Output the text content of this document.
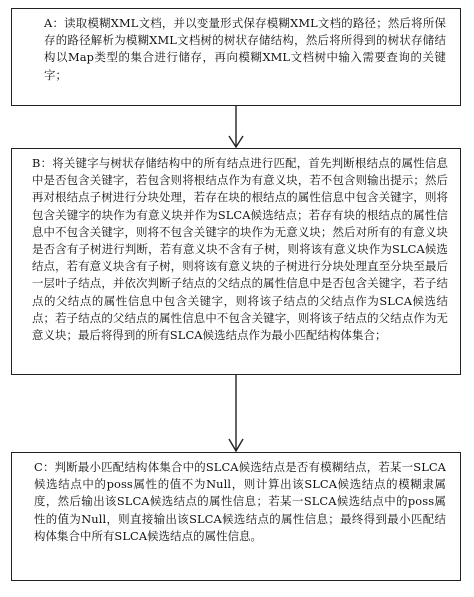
A：读取模糊XML文档，并以变量形式保存模糊XML文档的路径；然后将所保存的路径解析为模糊XML文档树的树状存储结构，然后将所得到的树状存储结构以Map类型的集合进行储存，再向模糊XML文档树中输入需要查询的关键字；

B：将关键字与树状存储结构中的所有结点进行匹配，首先判断根结点的属性信息中是否包含关键字，若包含则将根结点作为有意义块，若不包含则输出提示；然后再对根结点子树进行分块处理，若存在块的根结点的属性信息中包含关键字，则将包含关键字的块作为有意义块并作为SLCA候选结点；若存有块的根结点的属性信息中不包含关键字，则将不包含关键字的块作为无意义块；然后对所有的有意义块是否含有子树进行判断，若有意义块不含有子树，则将该有意义块作为SLCA候选结点，若有意义块含有子树，则将该有意义块的子树进行分块处理直至分块至最后一层叶子结点，并依次判断子结点的父结点的属性信息中是否包含关键字，若子结点的父结点的属性信息中包含关键字，则将该子结点的父结点作为SLCA候选结点；若子结点的父结点的属性信息中不包含关键字，则将该子结点的父结点作为无意义块；最后将得到的所有SLCA候选结点作为最小匹配结构体集合；

C：判断最小匹配结构体集合中的SLCA候选结点是否有模糊结点，若某一SLCA候选结点中的poss属性的值不为Null，则计算出该SLCA候选结点的模糊隶属度，然后输出该SLCA候选结点的属性信息；若某一SLCA候选结点中的poss属性的值为Null，则直接输出该SLCA候选结点的属性信息；最终得到最小匹配结构体集合中所有SLCA候选结点的属性信息。
